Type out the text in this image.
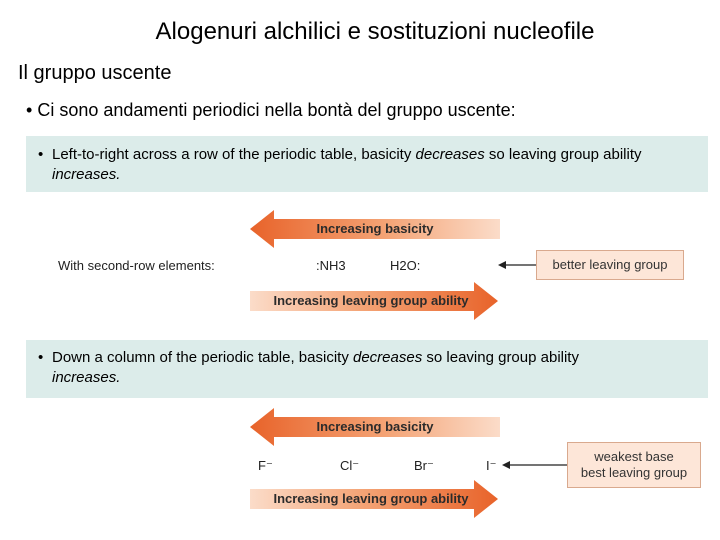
Alogenuri alchilici e sostituzioni nucleofile
Il gruppo uscente
• Ci sono andamenti periodici nella bontà del gruppo uscente:
• Left-to-right across a row of the periodic table, basicity decreases so leaving group ability
increases.
Increasing basicity
With second-row elements:	:NH3	H2O:	better leaving group
Increasing leaving group ability
• Down a column of the periodic table, basicity decreases so leaving group ability
increases.
Increasing basicity
F⁻	Cl⁻	Br⁻	I⁻
weakest base
best leaving group
Increasing leaving group ability
